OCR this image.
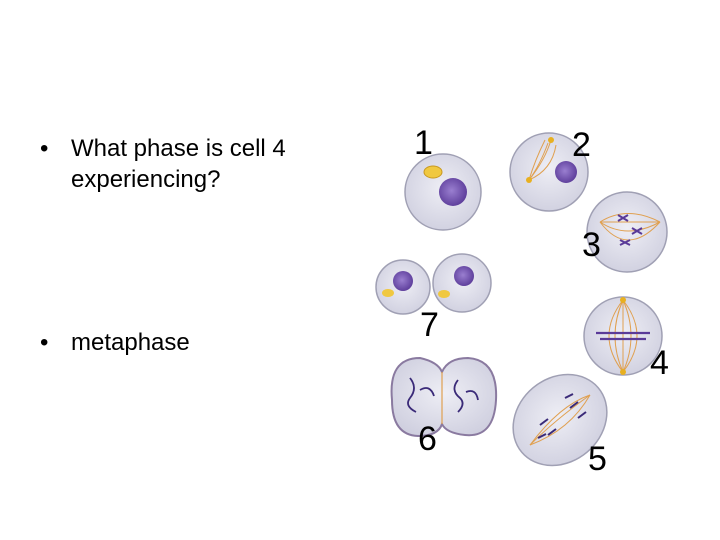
• What phase is cell 4 experiencing?
• metaphase
1	2
3
4
5
6
7
